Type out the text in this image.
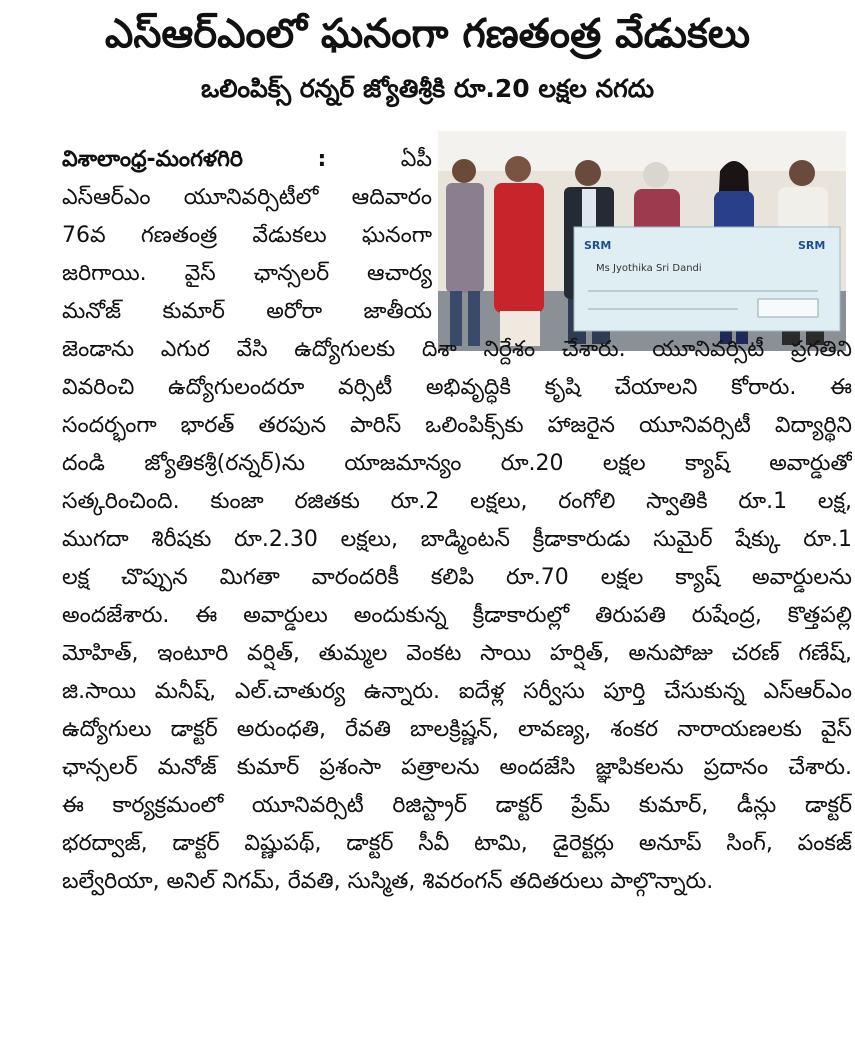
ఎస్ఆర్ఎంలో ఘనంగా గణతంత్ర వేడుకలు
ఒలింపిక్స్ రన్నర్ జ్యోతిశ్రీకి రూ.20 లక్షల నగదు
SRM	SRM
Ms Jyothika Sri Dandi
విశాలాంధ్ర-మంగళగిరి	:	ఏపీ
ఎస్ఆర్ఎం యూనివర్సిటీలో ఆదివారం
76వ గణతంత్ర వేడుకలు ఘనంగా
జరిగాయి. వైస్ ఛాన్సలర్ ఆచార్య
మనోజ్ కుమార్ అరోరా జాతీయ
జెండాను ఎగుర వేసి ఉద్యోగులకు దిశా నిర్దేశం చేశారు. యూనివర్సిటీ ప్రగతిని
వివరించి ఉద్యోగులందరూ వర్సిటీ అభివృద్ధికి కృషి చేయాలని కోరారు. ఈ
సందర్భంగా భారత్ తరపున పారిస్ ఒలింపిక్స్‌కు హాజరైన యూనివర్సిటీ విద్యార్థిని
దండి జ్యోతికశ్రీ(రన్నర్)ను యాజమాన్యం రూ.20 లక్షల క్యాష్ అవార్డుతో
సత్కరించింది. కుంజా రజితకు రూ.2 లక్షలు, రంగోలి స్వాతికి రూ.1 లక్ష,
ముగదా శిరీషకు రూ.2.30 లక్షలు, బాడ్మింటన్ క్రీడాకారుడు సుమైర్ షేక్కు రూ.1
లక్ష చొప్పున మిగతా వారందరికీ కలిపి రూ.70 లక్షల క్యాష్ అవార్డులను
అందజేశారు. ఈ అవార్డులు అందుకున్న క్రీడాకారుల్లో తిరుపతి రుషేంద్ర, కొత్తపల్లి
మోహిత్, ఇంటూరి వర్షిత్, తుమ్మల వెంకట సాయి హర్షిత్, అనుపోజు చరణ్ గణేష్,
జి.సాయి మనీష్, ఎల్.చాతుర్య ఉన్నారు. ఐదేళ్ల సర్వీసు పూర్తి చేసుకున్న ఎస్ఆర్ఎం
ఉద్యోగులు డాక్టర్ అరుంధతి, రేవతి బాలక్రిష్ణన్, లావణ్య, శంకర నారాయణలకు వైస్
ఛాన్సలర్ మనోజ్ కుమార్ ప్రశంసా పత్రాలను అందజేసి జ్ఞాపికలను ప్రదానం చేశారు.
ఈ కార్యక్రమంలో యూనివర్సిటీ రిజిస్ట్రార్ డాక్టర్ ప్రేమ్ కుమార్, డీన్లు డాక్టర్
భరద్వాజ్, డాక్టర్ విష్ణుపథ్, డాక్టర్ సీవీ టామి, డైరెక్టర్లు అనూప్ సింగ్, పంకజ్
బల్వేరియా, అనిల్ నిగమ్, రేవతి, సుస్మిత, శివరంగన్ తదితరులు పాల్గొన్నారు.
